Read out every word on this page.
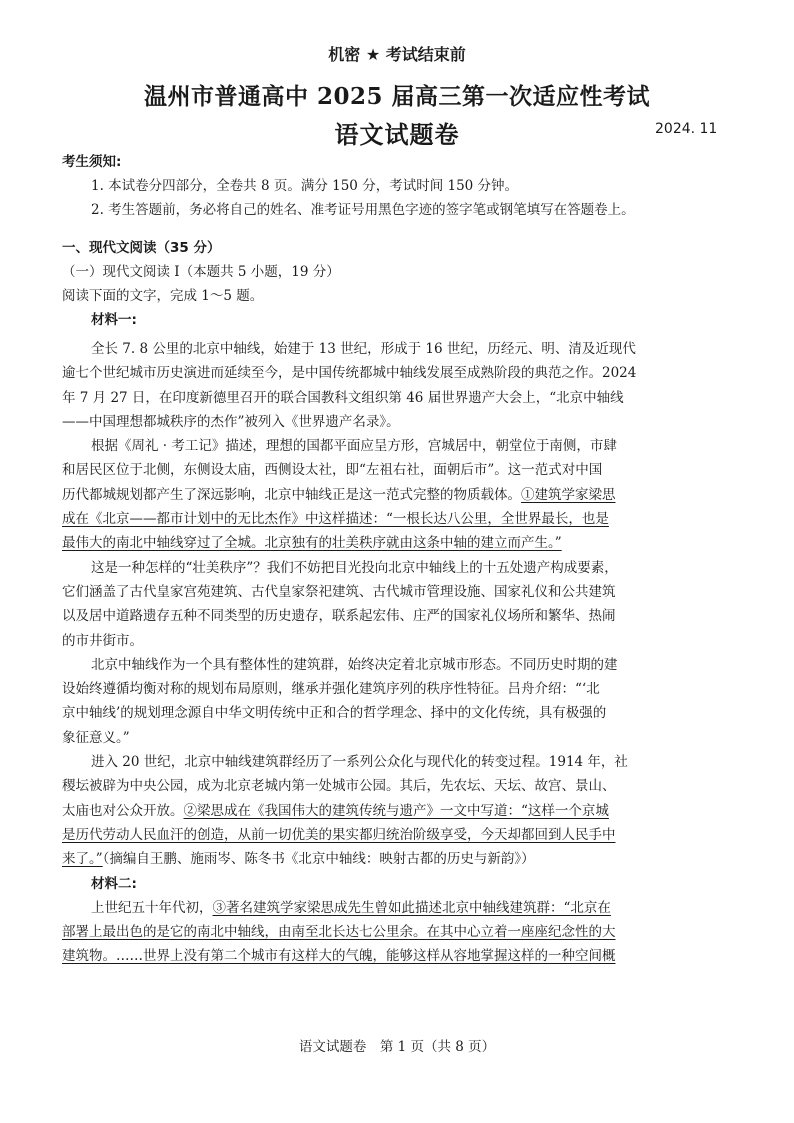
机密 ★ 考试结束前
温州市普通高中 2025 届高三第一次适应性考试
语文试题卷	2024. 11
考生须知:
1. 本试卷分四部分，全卷共 8 页。满分 150 分，考试时间 150 分钟。
2. 考生答题前，务必将自己的姓名、准考证号用黑色字迹的签字笔或钢笔填写在答题卷上。
一、现代文阅读（35 分）
（一）现代文阅读 I（本题共 5 小题，19 分）
阅读下面的文字，完成 1～5 题。
材料一:
全长 7. 8 公里的北京中轴线，始建于 13 世纪，形成于 16 世纪，历经元、明、清及近现代
逾七个世纪城市历史演进而延续至今，是中国传统都城中轴线发展至成熟阶段的典范之作。2024
年 7 月 27 日，在印度新德里召开的联合国教科文组织第 46 届世界遗产大会上，“北京中轴线
——中国理想都城秩序的杰作”被列入《世界遗产名录》。
根据《周礼 · 考工记》描述，理想的国都平面应呈方形，宫城居中，朝堂位于南侧，市肆
和居民区位于北侧，东侧设太庙，西侧设太社，即“左祖右社，面朝后市”。这一范式对中国
历代都城规划都产生了深远影响，北京中轴线正是这一范式完整的物质载体。①建筑学家梁思
成在《北京——都市计划中的无比杰作》中这样描述：“一根长达八公里，全世界最长，也是
最伟大的南北中轴线穿过了全城。北京独有的壮美秩序就由这条中轴的建立而产生。”
这是一种怎样的“壮美秩序”？我们不妨把目光投向北京中轴线上的十五处遗产构成要素，
它们涵盖了古代皇家宫苑建筑、古代皇家祭祀建筑、古代城市管理设施、国家礼仪和公共建筑
以及居中道路遗存五种不同类型的历史遗存，联系起宏伟、庄严的国家礼仪场所和繁华、热闹
的市井街市。
北京中轴线作为一个具有整体性的建筑群，始终决定着北京城市形态。不同历史时期的建
设始终遵循均衡对称的规划布局原则，继承并强化建筑序列的秩序性特征。吕舟介绍：“‘北
京中轴线’的规划理念源自中华文明传统中正和合的哲学理念、择中的文化传统，具有极强的
象征意义。”
进入 20 世纪，北京中轴线建筑群经历了一系列公众化与现代化的转变过程。1914 年，社
稷坛被辟为中央公园，成为北京老城内第一处城市公园。其后，先农坛、天坛、故宫、景山、
太庙也对公众开放。②梁思成在《我国伟大的建筑传统与遗产》一文中写道：“这样一个京城
是历代劳动人民血汗的创造，从前一切优美的果实都归统治阶级享受，今天却都回到人民手中
来了。”（摘编自王鹏、施雨岑、陈冬书《北京中轴线：映射古都的历史与新韵》）
材料二:
上世纪五十年代初，③著名建筑学家梁思成先生曾如此描述北京中轴线建筑群：“北京在
部署上最出色的是它的南北中轴线，由南至北长达七公里余。在其中心立着一座座纪念性的大
建筑物。……世界上没有第二个城市有这样大的气魄，能够这样从容地掌握这样的一种空间概
语文试题卷　第 1 页（共 8 页）
